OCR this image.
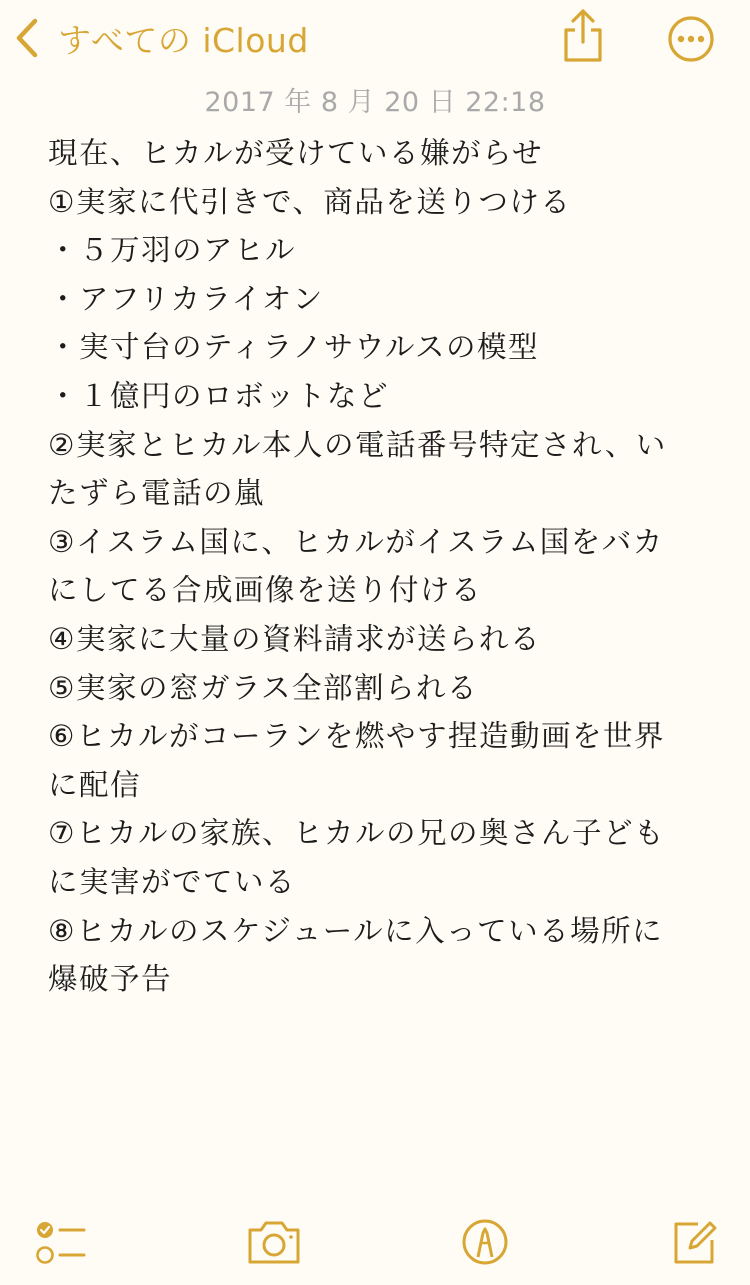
すべての iCloud
2017 年 8 月 20 日 22:18
現在、ヒカルが受けている嫌がらせ
①実家に代引きで、商品を送りつける
・５万羽のアヒル
・アフリカライオン
・実寸台のティラノサウルスの模型
・１億円のロボットなど
②実家とヒカル本人の電話番号特定され、い
たずら電話の嵐
③イスラム国に、ヒカルがイスラム国をバカ
にしてる合成画像を送り付ける
④実家に大量の資料請求が送られる
⑤実家の窓ガラス全部割られる
⑥ヒカルがコーランを燃やす捏造動画を世界
に配信
⑦ヒカルの家族、ヒカルの兄の奥さん子ども
に実害がでている
⑧ヒカルのスケジュールに入っている場所に
爆破予告
